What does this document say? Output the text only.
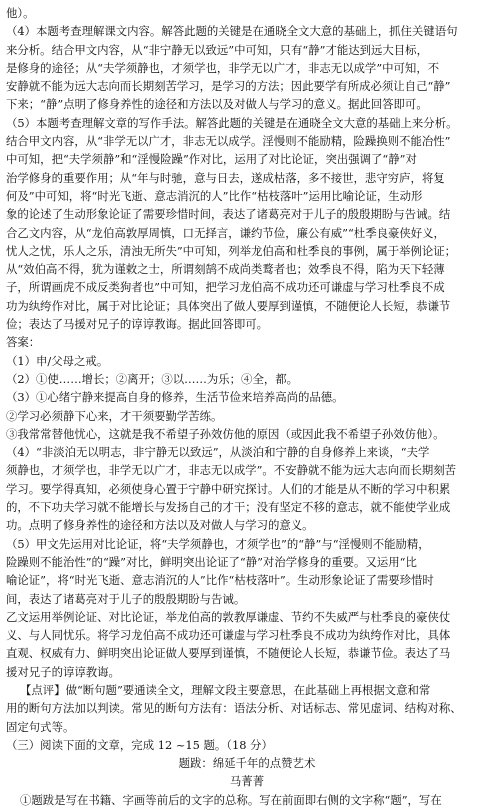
他）。
（4）本题考查理解课文内容。解答此题的关键是在通晓全文大意的基础上，抓住关键语句
来分析。结合甲文内容，从“非宁静无以致远”中可知，只有“静”才能达到远大目标，
是修身的途径；从“夫学须静也，才须学也，非学无以广才，非志无以成学”中可知，不
安静就不能为远大志向而长期刻苦学习，是学习的方法；因此要学有所成必须让自己“静”
下来；“静”点明了修身养性的途径和方法以及对做人与学习的意义。据此回答即可。
（5）本题考查理解文章的写作手法。解答此题的关键是在通晓全文大意的基础上来分析。
结合甲文内容，从“非学无以广才，非志无以成学。淫慢则不能励精，险躁换则不能冶性”
中可知，把“夫学须静”和“淫慢险躁”作对比，运用了对比论证，突出强调了“静”对
治学修身的重要作用；从“年与时驰，意与日去，遂成枯落，多不接世，悲守穷庐，将复
何及”中可知，将“时光飞逝、意志消沉的人”比作“枯枝落叶”运用比喻论证，生动形
象的论述了生动形象论证了需要珍惜时间，表达了诸葛亮对于儿子的殷殷期盼与告诫。结
合乙文内容，从“龙伯高敦厚周慎，口无择言，谦约节俭，廉公有威”“杜季良豪侠好义，
忧人之忧，乐人之乐，清浊无所失”中可知，列举龙伯高和杜季良的事例，属于举例论证；
从“效伯高不得，犹为谨敕之士，所谓刻鹄不成尚类鹜者也；效季良不得，陷为天下轻薄
子，所谓画虎不成反类狗者也”中可知，把学习龙伯高不成功还可谦虚与学习杜季良不成
功为纨绔作对比，属于对比论证；具体突出了做人要厚到谨慎，不随便论人长短，恭谦节
俭；表达了马援对兄子的谆谆教诲。据此回答即可。
答案：
（1）申/父母之戒。
（2）①使……增长；②离开；③以……为乐；④全，都。
（3）①心绪宁静来提高自身的修养，生活节俭来培养高尚的品德。
②学习必须静下心来，才干须要勤学苦练。
③我常常替他忧心，这就是我不希望子孙效仿他的原因（或因此我不希望子孙效仿他）。
（4）“非淡泊无以明志，非宁静无以致远”，从淡泊和宁静的自身修养上来谈，“夫学
须静也，才须学也，非学无以广才，非志无以成学”。不安静就不能为远大志向而长期刻苦
学习。要学得真知，必须使身心置于宁静中研究探讨。人们的才能是从不断的学习中积累
的，不下功夫学习就不能增长与发扬自己的才干；没有坚定不移的意志，就不能使学业成
功。点明了修身养性的途径和方法以及对做人与学习的意义。
（5）甲文先运用对比论证，将“夫学须静也，才须学也”的“静”与“淫慢则不能励精，
险躁则不能治性”的“躁”对比，鲜明突出论证了“静”对治学修身的重要。又运用“比
喻论证”，将“时光飞逝、意志消沉的人”比作“枯枝落叶”。生动形象论证了需要珍惜时
间，表达了诸葛亮对于儿子的殷殷期盼与告诫。
乙文运用举例论证、对比论证，举龙伯高的敦教厚谦虚、节约不失威严与杜季良的豪侠仗
义、与人同忧乐。将学习龙伯高不成功还可谦虚与学习杜季良不成功为纨绔作对比，具体
直观、权威有力、鲜明突出论证做人要厚到谨慎，不随便论人长短，恭谦节俭。表达了马
援对兄子的谆谆教诲。
【点评】做“断句题”要通读全文，理解文段主要意思，在此基础上再根据文意和常
用的断句方法加以判读。常见的断句方法有：语法分析、对话标志、常见虚词、结构对称、
固定句式等。
（三）阅读下面的文章，完成 12 ~15 题。（18 分）
题跋：绵延千年的点赞艺术
马菁菁
①题跋是写在书籍、字画等前后的文字的总称。写在前面即右侧的文字称“题”，写在
